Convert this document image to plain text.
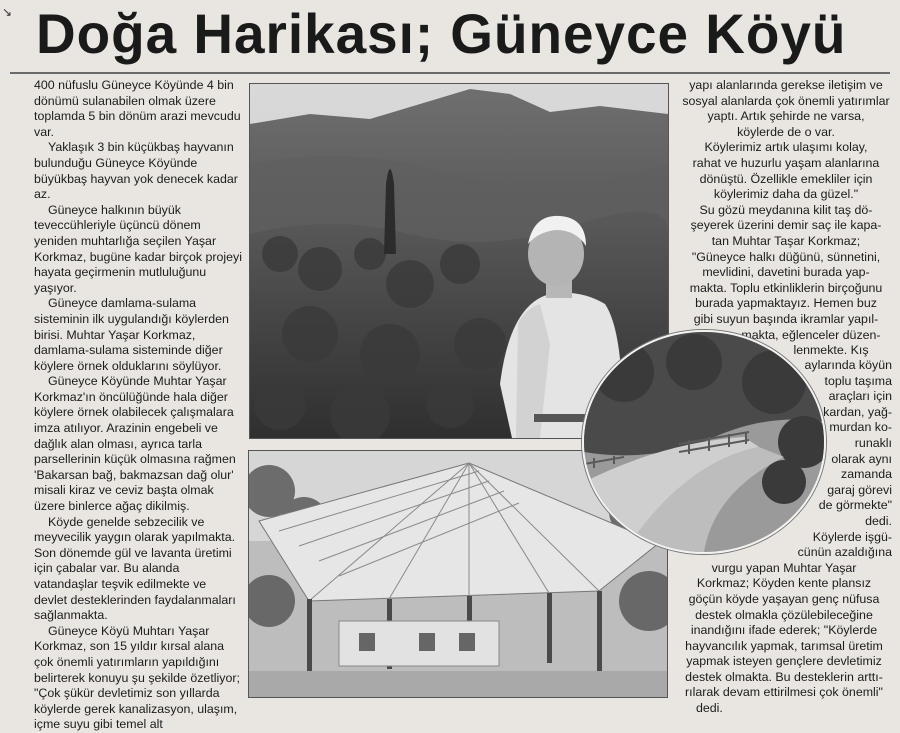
↘ Doğa Harikası; Güneyce Köyü

400 nüfuslu Güneyce Köyünde 4 bin dönümü sulanabilen olmak üzere toplamda 5 bin dönüm arazi mevcudu var.

Yaklaşık 3 bin küçükbaş hayvanın bulunduğu Güneyce Köyünde büyükbaş hayvan yok denecek kadar az.

Güneyce halkının büyük teveccühleriyle üçüncü dönem yeniden muhtarlığa seçilen Yaşar Korkmaz, bugüne kadar birçok projeyi hayata geçirmenin mutluluğunu yaşıyor.

Güneyce damlama-sulama sisteminin ilk uygulandığı köylerden birisi. Muhtar Yaşar Korkmaz, damlama-sulama sisteminde diğer köylere örnek olduklarını söylüyor.

Güneyce Köyünde Muhtar Yaşar Korkmaz'ın öncülüğünde hala diğer köylere örnek olabilecek çalışmalara imza atılıyor. Arazinin engebeli ve dağlık alan olması, ayrıca tarla parsellerinin küçük olmasına rağmen 'Bakarsan bağ, bakmazsan dağ olur' misali kiraz ve ceviz başta olmak üzere binlerce ağaç dikilmiş.

Köyde genelde sebzecilik ve meyvecilik yaygın olarak yapılmakta. Son dönemde gül ve lavanta üretimi için çabalar var. Bu alanda vatandaşlar teşvik edilmekte ve devlet desteklerinden faydalanmaları sağlanmakta.

Güneyce Köyü Muhtarı Yaşar Korkmaz, son 15 yıldır kırsal alana çok önemli yatırımların yapıldığını belirterek konuyu şu şekilde özetliyor; "Çok şükür devletimiz son yıllarda köylerde gerek kanalizasyon, ulaşım, içme suyu gibi temel alt

yapı alanlarında gerekse iletişim ve
sosyal alanlarda çok önemli yatırımlar yaptı. Artık şehirde ne varsa,
köylerde de o var.
Köylerimiz artık ulaşımı kolay,
rahat ve huzurlu yaşam alanlarına
dönüştü. Özellikle emekliler için
köylerimiz daha da güzel."
Su gözü meydanına kilit taş dö-
şeyerek üzerini demir saç ile kapa-
tan Muhtar Taşar Korkmaz;
"Güneyce halkı düğünü, sünnetini,
mevlidini, davetini burada yap-
makta. Toplu etkinliklerin birçoğunu
burada yapmaktayız. Hemen buz
gibi suyun başında ikramlar yapıl-
makta, eğlenceler düzen-
lenmekte. Kış
aylarında köyün
toplu taşıma
araçları için
kardan, yağ-
murdan ko-
runaklı
olarak aynı
zamanda
garaj görevi
de görmekte"
dedi.
Köylerde işgü-
cünün azaldığına
vurgu yapan Muhtar Yaşar
Korkmaz; Köyden kente plansız
göçün köyde yaşayan genç nüfusa
destek olmakla çözülebileceğine
inandığını ifade ederek; "Köylerde
hayvancılık yapmak, tarımsal üretim
yapmak isteyen gençlere devletimiz
destek olmakta. Bu desteklerin arttı-
rılarak devam ettirilmesi çok önemli"
dedi.
